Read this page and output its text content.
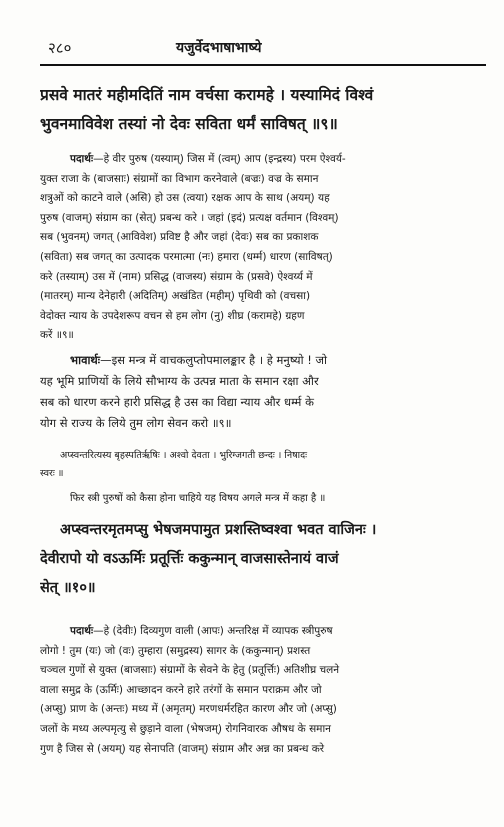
२८०	यजुर्वेदभाषाभाष्ये
प्रसवे मातरं महीमदितिं नाम वर्चसा करामहे । यस्यामिदं विश्वं
भुवनमाविवेश तस्यां नो देवः सविता धर्मं साविषत् ॥९॥
पदार्थः—हे वीर पुरुष (यस्याम्) जिस में (त्वम्) आप (इन्द्रस्य) परम ऐश्वर्य-
युक्त राजा के (बाजसाः) संग्रामों का विभाग करनेवाले (बज्रः) वज्र के समान
शत्रुओं को काटने वाले (असि) हो उस (त्वया) रक्षक आप के साथ (अयम्) यह
पुरुष (वाजम्) संग्राम का (सेत्) प्रबन्ध करे । जहां (इदं) प्रत्यक्ष वर्तमान (विश्वम्)
सब (भुवनम्) जगत् (आविवेश) प्रविष्ट है और जहां (देवः) सब का प्रकाशक
(सविता) सब जगत् का उत्पादक परमात्मा (नः) हमारा (धर्म्म) धारण (साविषत्)
करे (तस्याम्) उस में (नाम) प्रसिद्ध (वाजस्य) संग्राम के (प्रसवे) ऐश्वर्य्य में
(मातरम्) मान्य देनेहारी (अदितिम्) अखंडित (महीम्) पृथिवी को (वचसा)
वेदोक्त न्याय के उपदेशरूप वचन से हम लोग (नु) शीघ्र (करामहे) ग्रहण
करें ॥९॥
भावार्थः—इस मन्त्र में वाचकलुप्तोपमालङ्कार है । हे मनुष्यो ! जो
यह भूमि प्राणियों के लिये सौभाग्य के उत्पन्न माता के समान रक्षा और
सब को धारण करने हारी प्रसिद्ध है उस का विद्या न्याय और धर्म्म के
योग से राज्य के लिये तुम लोग सेवन करो ॥९॥
अप्स्वन्तरित्यस्य बृहस्पतिर्ऋषिः । अश्वो देवता । भुरिग्जगती छन्दः । निषादः
स्वरः ॥
फिर स्त्री पुरुषों को कैसा होना चाहिये यह विषय अगले मन्त्र में कहा है ॥
अप्स्वन्तरमृतमप्सु भेषजमपामुत प्रशस्तिष्वश्वा भवत वाजिनः ।
देवीरापो यो वऽऊर्मिः प्रतूर्त्तिः ककुन्मान् वाजसास्तेनायं वाजं
सेत् ॥१०॥
पदार्थः—हे (देवीः) दिव्यगुण वाली (आपः) अन्तरिक्ष में व्यापक स्त्रीपुरुष
लोगो ! तुम (यः) जो (वः) तुम्हारा (समुद्रस्य) सागर के (ककुन्मान्) प्रशस्त
चञ्चल गुणों से युक्त (बाजसाः) संग्रामों के सेवने के हेतु (प्रतूर्त्तिः) अतिशीघ्र चलने
वाला समुद्र के (ऊर्मिः) आच्छादन करने हारे तरंगों के समान पराक्रम और जो
(अप्सु) प्राण के (अन्तः) मध्य में (अमृतम्) मरणधर्मरहित कारण और जो (अप्सु)
जलों के मध्य अल्पमृत्यु से छुड़ाने वाला (भेषजम्) रोगनिवारक औषध के समान
गुण है जिस से (अयम्) यह सेनापति (वाजम्) संग्राम और अन्न का प्रबन्ध करे
